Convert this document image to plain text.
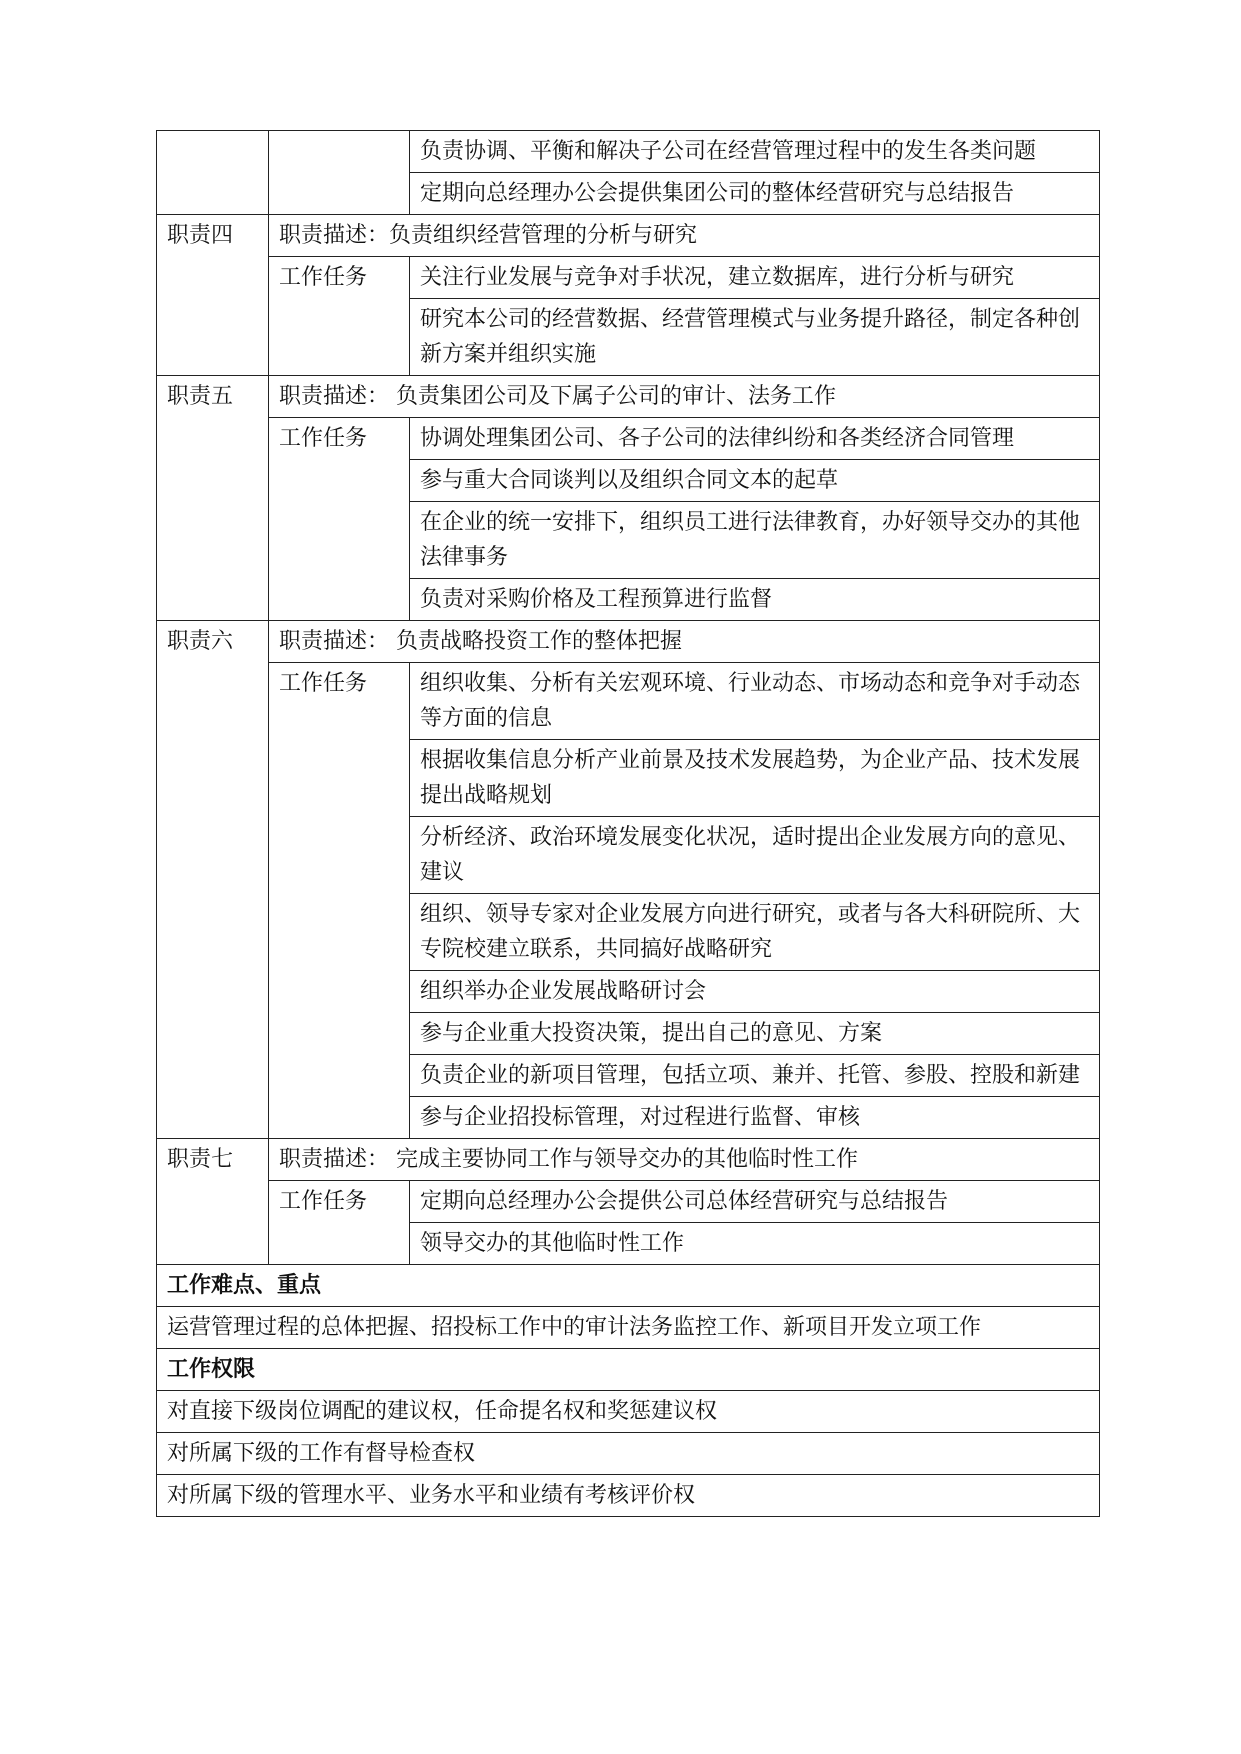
		负责协调、平衡和解决子公司在经营管理过程中的发生各类问题
		定期向总经理办公会提供集团公司的整体经营研究与总结报告
职责四	职责描述：负责组织经营管理的分析与研究	
	工作任务	关注行业发展与竞争对手状况，建立数据库，进行分析与研究
		研究本公司的经营数据、经营管理模式与业务提升路径，制定各种创新方案并组织实施
职责五	职责描述： 负责集团公司及下属子公司的审计、法务工作	
	工作任务	协调处理集团公司、各子公司的法律纠纷和各类经济合同管理
		参与重大合同谈判以及组织合同文本的起草
		在企业的统一安排下，组织员工进行法律教育，办好领导交办的其他法律事务
		负责对采购价格及工程预算进行监督
职责六	职责描述： 负责战略投资工作的整体把握	
	工作任务	组织收集、分析有关宏观环境、行业动态、市场动态和竞争对手动态等方面的信息
		根据收集信息分析产业前景及技术发展趋势，为企业产品、技术发展提出战略规划
		分析经济、政治环境发展变化状况，适时提出企业发展方向的意见、建议
		组织、领导专家对企业发展方向进行研究，或者与各大科研院所、大专院校建立联系，共同搞好战略研究
		组织举办企业发展战略研讨会
		参与企业重大投资决策，提出自己的意见、方案
		负责企业的新项目管理，包括立项、兼并、托管、参股、控股和新建
		参与企业招投标管理，对过程进行监督、审核
职责七	职责描述： 完成主要协同工作与领导交办的其他临时性工作	
	工作任务	定期向总经理办公会提供公司总体经营研究与总结报告
		领导交办的其他临时性工作
工作难点、重点		
运营管理过程的总体把握、招投标工作中的审计法务监控工作、新项目开发立项工作		
工作权限		
对直接下级岗位调配的建议权，任命提名权和奖惩建议权		
对所属下级的工作有督导检查权		
对所属下级的管理水平、业务水平和业绩有考核评价权		
